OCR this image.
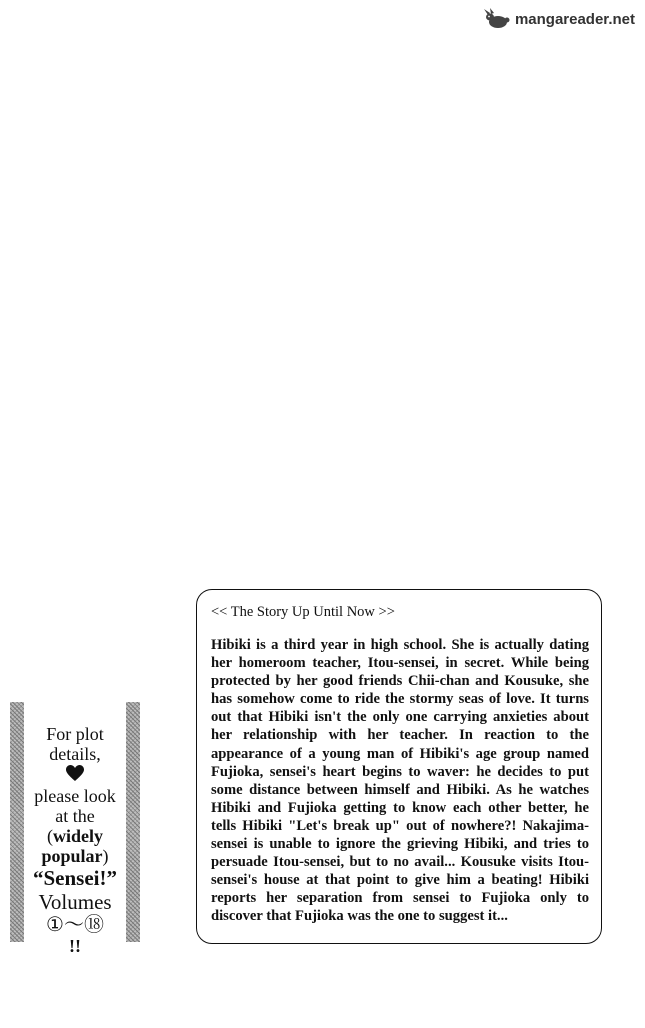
mangareader.net
For plot
details,
please look
at the
(widely
popular)
“Sensei!”
Volumes
①～⑱
!!

<< The Story Up Until Now >>

Hibiki is a third year in high school. She is actually dating her homeroom teacher, Itou-sensei, in secret. While being protected by her good friends Chii-chan and Kousuke, she has somehow come to ride the stormy seas of love. It turns out that Hibiki isn't the only one carrying anxieties about her relationship with her teacher. In reaction to the appearance of a young man of Hibiki's age group named Fujioka, sensei's heart begins to waver: he decides to put some distance between himself and Hibiki. As he watches Hibiki and Fujioka getting to know each other better, he tells Hibiki "Let's break up" out of nowhere?! Nakajima-sensei is unable to ignore the grieving Hibiki, and tries to persuade Itou-sensei, but to no avail... Kousuke visits Itou-sensei's house at that point to give him a beating! Hibiki reports her separation from sensei to Fujioka only to discover that Fujioka was the one to suggest it...
